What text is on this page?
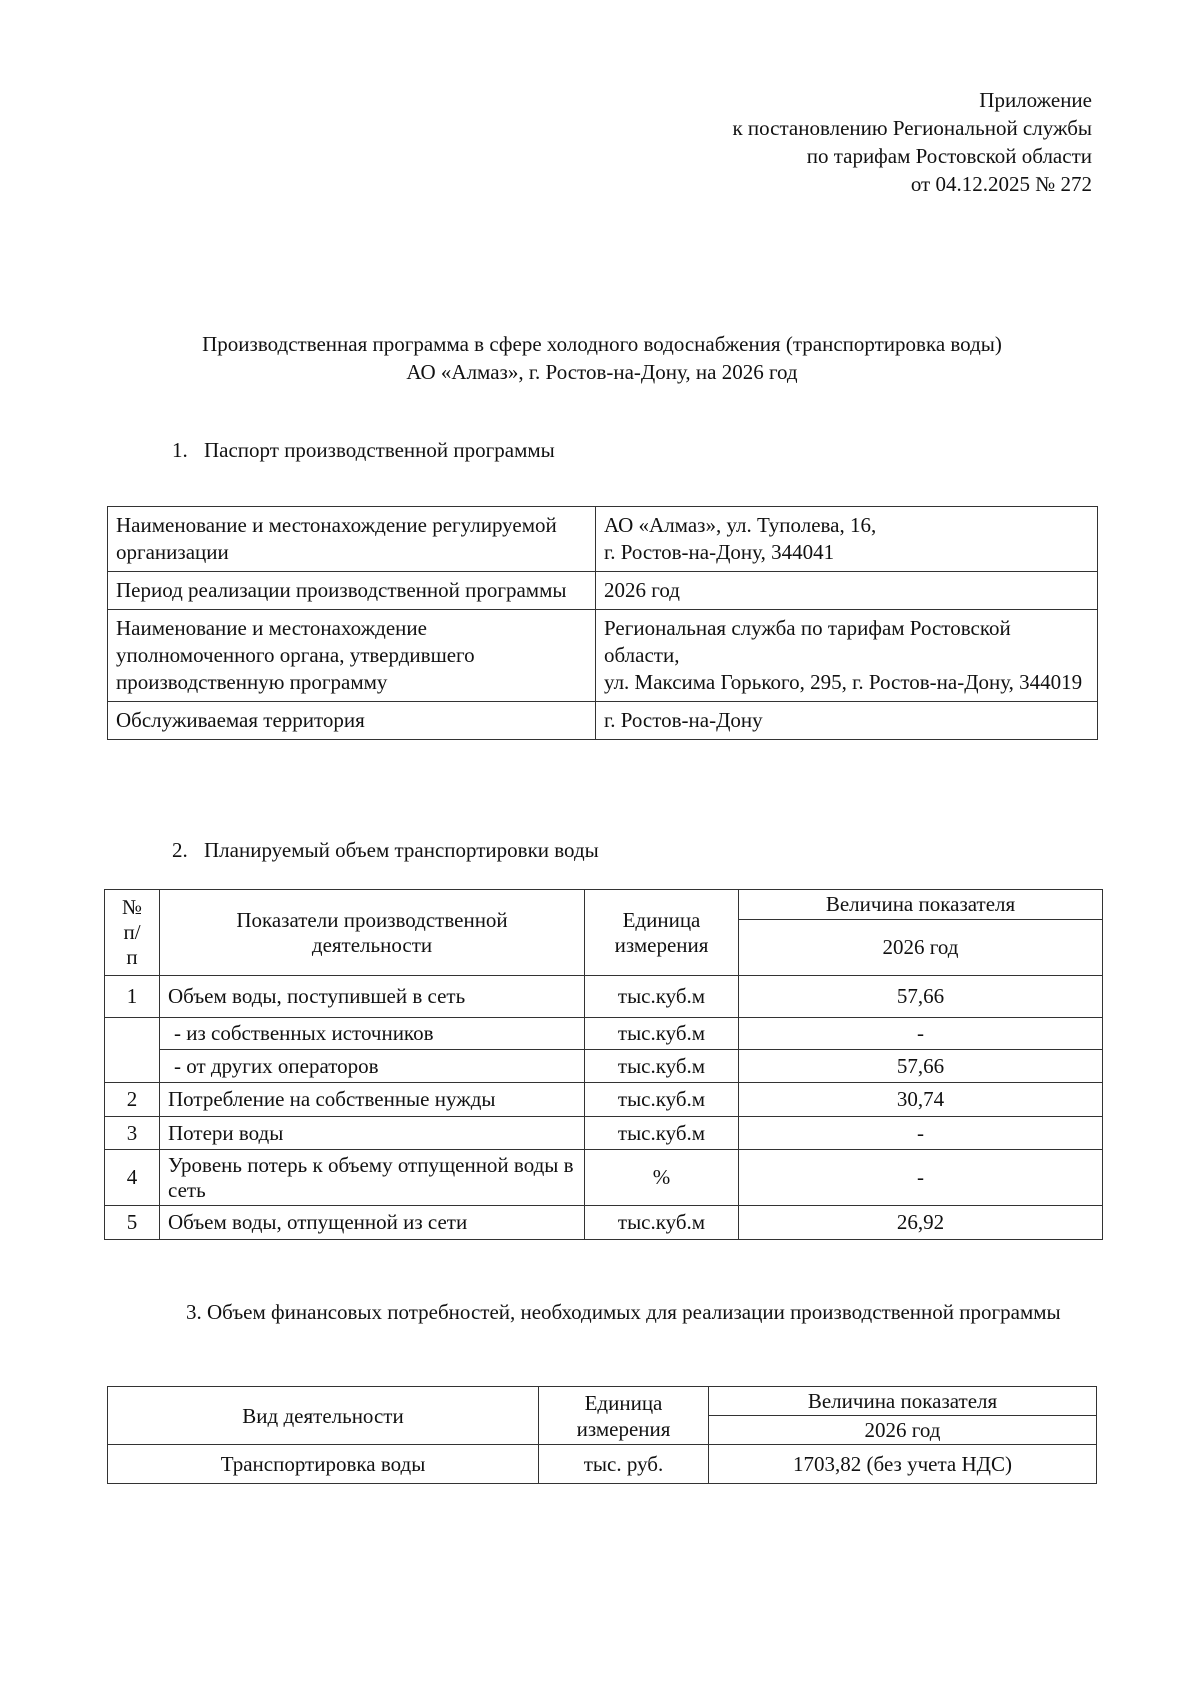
Приложение
к постановлению Региональной службы
по тарифам Ростовской области
от 04.12.2025 № 272
Производственная программа в сфере холодного водоснабжения (транспортировка воды)
АО «Алмаз», г. Ростов-на-Дону, на 2026 год
1. Паспорт производственной программы
Наименование и местонахождение регулируемой организации	АО «Алмаз», ул. Туполева, 16,
г. Ростов-на-Дону, 344041

Период реализации производственной программы	2026 год

Наименование и местонахождение уполномоченного органа, утвердившего производственную программу	Региональная служба по тарифам Ростовской области,
ул. Максима Горького, 295, г. Ростов-на-Дону, 344019

Обслуживаемая территория	г. Ростов-на-Дону
2. Планируемый объем транспортировки воды
№ п/п	Показатели производственной деятельности	Единица измерения	Величина показателя
			2026 год
1	Объем воды, поступившей в сеть	тыс.куб.м	57,66
	- из собственных источников	тыс.куб.м	-
	- от других операторов	тыс.куб.м	57,66
2	Потребление на собственные нужды	тыс.куб.м	30,74
3	Потери воды	тыс.куб.м	-
4	Уровень потерь к объему отпущенной воды в сеть	%	-
5	Объем воды, отпущенной из сети	тыс.куб.м	26,92
3. Объем финансовых потребностей, необходимых для реализации производственной программы
Вид деятельности	Единица измерения	Величина показателя
		2026 год
Транспортировка воды	тыс. руб.	1703,82 (без учета НДС)
